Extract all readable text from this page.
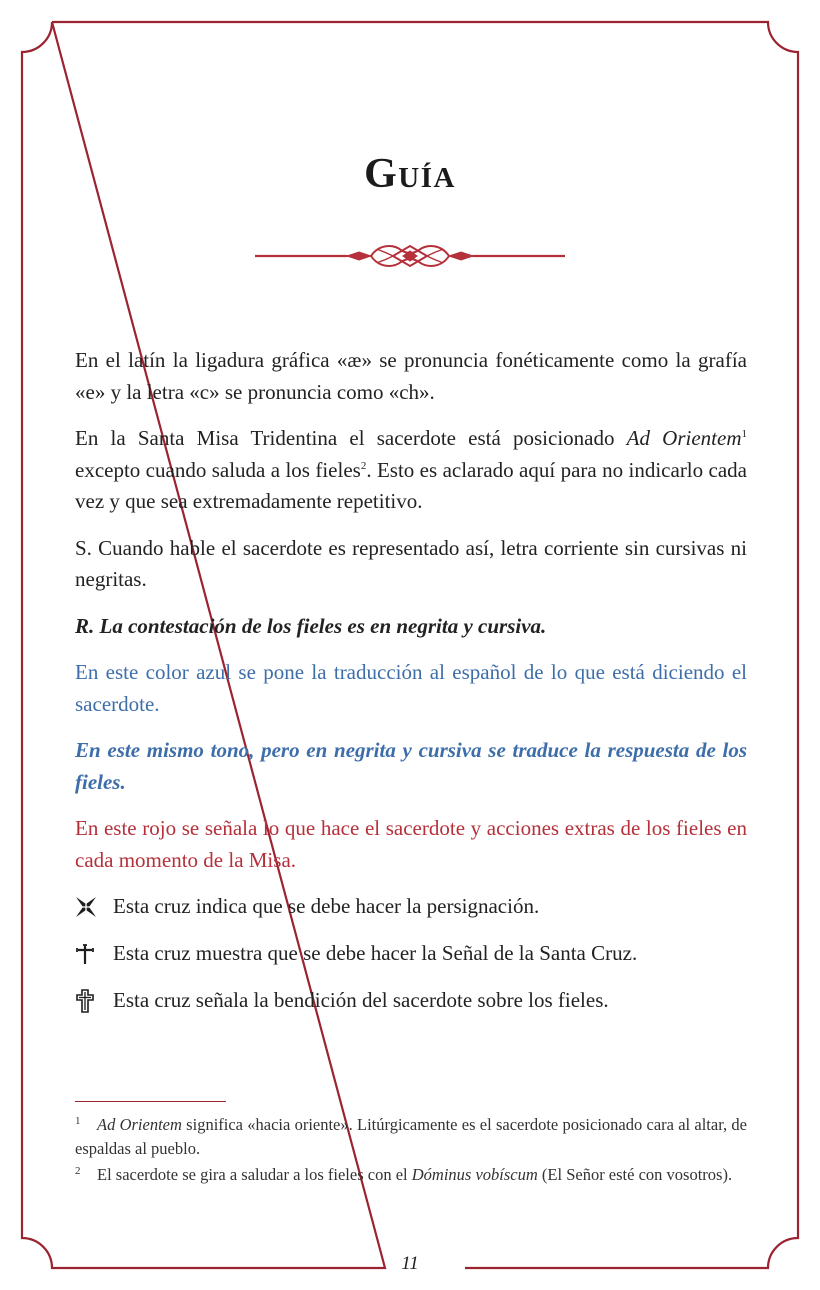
Guía

En el latín la ligadura gráfica «æ» se pronuncia fonéticamente como la grafía «e» y la letra «c» se pronuncia como «ch».

En la Santa Misa Tridentina el sacerdote está posicionado Ad Orientem$^1$ excepto cuando saluda a los fieles$^2$. Esto es aclarado aquí para no indicarlo cada vez y que sea extremadamente repetitivo.

S. Cuando hable el sacerdote es representado así, letra corriente sin cursivas ni negritas.

R. La contestación de los fieles es en negrita y cursiva.

En este color azul se pone la traducción al español de lo que está diciendo el sacerdote.

En este mismo tono, pero en negrita y cursiva se traduce la respuesta de los fieles.

En este rojo se señala lo que hace el sacerdote y acciones extras de los fieles en cada momento de la Misa.

Esta cruz indica que se debe hacer la persignación.
Esta cruz muestra que se debe hacer la Señal de la Santa Cruz.
Esta cruz señala la bendición del sacerdote sobre los fieles.

1 Ad Orientem significa «hacia oriente». Litúrgicamente es el sacerdote posicionado cara al altar, de espaldas al pueblo.

2 El sacerdote se gira a saludar a los fieles con el Dóminus vobíscum (El Señor esté con vosotros).

11
